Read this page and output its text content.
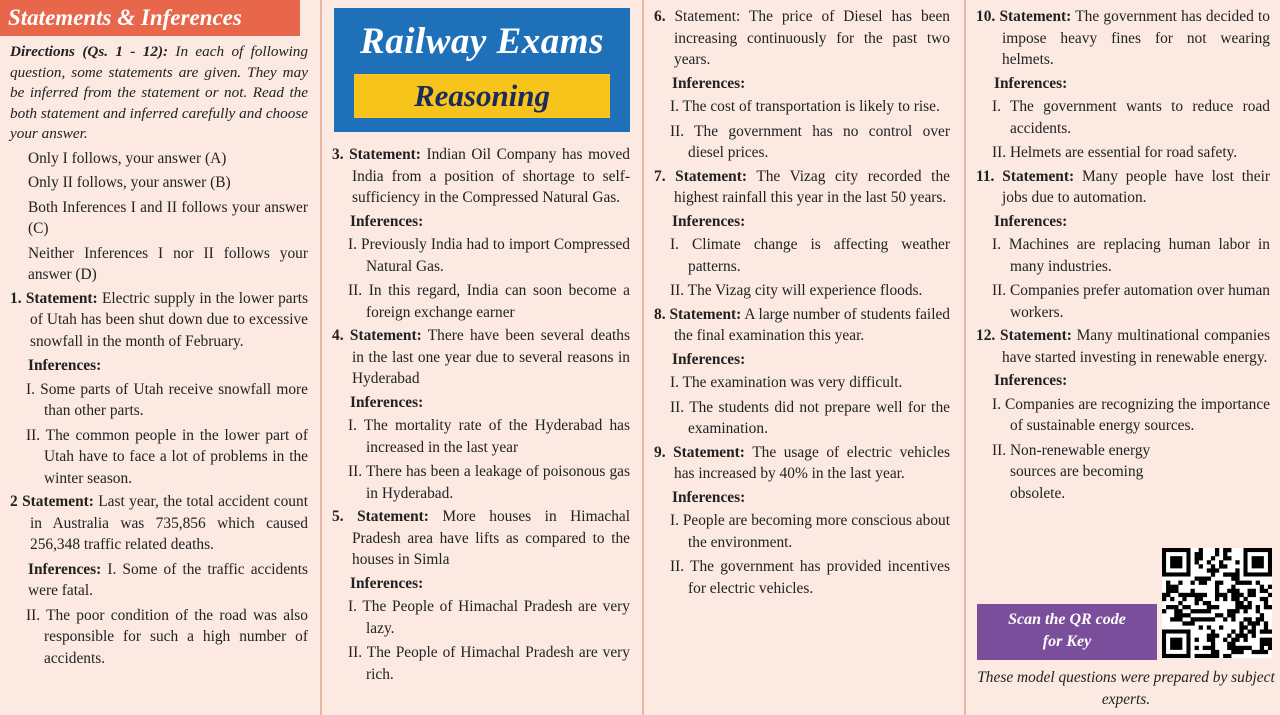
Statements & Inferences

Directions (Qs. 1 - 12): In each of following question, some statements are given. They may be inferred from the statement or not. Read the both statement and inferred carefully and choose your answer.

Only I follows, your answer (A)

Only II follows, your answer (B)

Both Inferences I and II follows your answer (C)

Neither Inferences I nor II follows your answer (D)

1. Statement: Electric supply in the lower parts of Utah has been shut down due to excessive snowfall in the month of February.

Inferences:

I. Some parts of Utah receive snowfall more than other parts.

II. The common people in the lower part of Utah have to face a lot of problems in the winter season.

2 Statement: Last year, the total accident count in Australia was 735,856 which caused 256,348 traffic related deaths.

Inferences: I. Some of the traffic accidents were fatal.

II. The poor condition of the road was also responsible for such a high number of accidents.

Railway Exams
Reasoning

3. Statement: Indian Oil Company has moved India from a position of shortage to self-sufficiency in the Compressed Natural Gas.

Inferences:

I. Previously India had to import Compressed Natural Gas.

II. In this regard, India can soon become a foreign exchange earner

4. Statement: There have been several deaths in the last one year due to several reasons in Hyderabad

Inferences:

I. The mortality rate of the Hyderabad has increased in the last year

II. There has been a leakage of poisonous gas in Hyderabad.

5. Statement: More houses in Himachal Pradesh area have lifts as compared to the houses in Simla

Inferences:

I. The People of Himachal Pradesh are very lazy.

II. The People of Himachal Pradesh are very rich.

6. Statement: The price of Diesel has been increasing continuously for the past two years.

Inferences:

I. The cost of transportation is likely to rise.

II. The government has no control over diesel prices.

7. Statement: The Vizag city recorded the highest rainfall this year in the last 50 years.

Inferences:

I. Climate change is affecting weather patterns.

II. The Vizag city will experience floods.

8. Statement: A large number of students failed the final examination this year.

Inferences:

I. The examination was very difficult.

II. The students did not prepare well for the examination.

9. Statement: The usage of electric vehicles has increased by 40% in the last year.

Inferences:

I. People are becoming more conscious about the environment.

II. The government has provided incentives for electric vehicles.

10. Statement: The government has decided to impose heavy fines for not wearing helmets.

Inferences:

I. The government wants to reduce road accidents.

II. Helmets are essential for road safety.

11. Statement: Many people have lost their jobs due to automation.

Inferences:

I. Machines are replacing human labor in many industries.

II. Companies prefer automation over human workers.

12. Statement: Many multinational companies have started investing in renewable energy.

Inferences:

I. Companies are recognizing the importance of sustainable energy sources.

II. Non-renewable energy sources are becoming obsolete.

Scan the QR code
for Key
These model questions were prepared by subject experts.
